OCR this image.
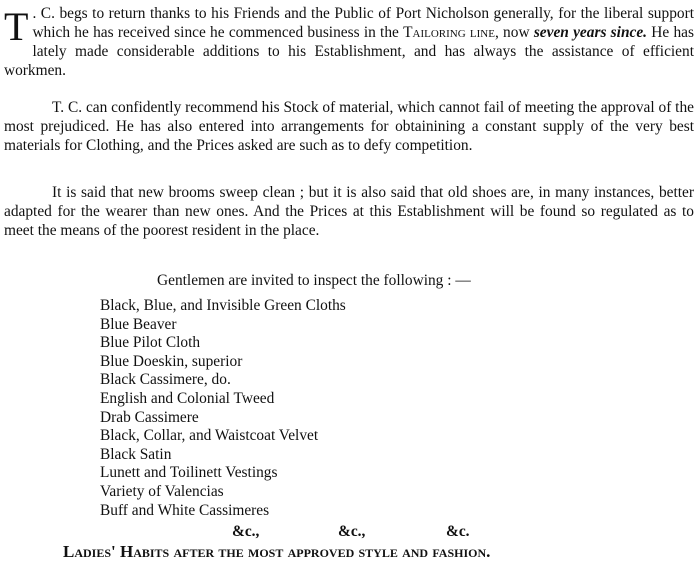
T . C. begs to return thanks to his Friends and the Public of Port Nicholson generally, for the liberal support which he has received since he commenced business in the Tailoring line, now seven years since. He has lately made considerable additions to his Establishment, and has always the assistance of efficient workmen.
T. C. can confidently recommend his Stock of material, which cannot fail of meeting the approval of the most prejudiced. He has also entered into arrangements for obtainining a constant supply of the very best materials for Clothing, and the Prices asked are such as to defy competition.
It is said that new brooms sweep clean ; but it is also said that old shoes are, in many instances, better adapted for the wearer than new ones. And the Prices at this Establishment will be found so regulated as to meet the means of the poorest resident in the place.
Gentlemen are invited to inspect the following : —
Black, Blue, and Invisible Green Cloths
Blue Beaver
Blue Pilot Cloth
Blue Doeskin, superior
Black Cassimere, do.
English and Colonial Tweed
Drab Cassimere
Black, Collar, and Waistcoat Velvet
Black Satin
Lunett and Toilinett Vestings
Variety of Valencias
Buff and White Cassimeres
&c.,	&c.,	&c.
Ladies' Habits after the most approved style and fashion.
